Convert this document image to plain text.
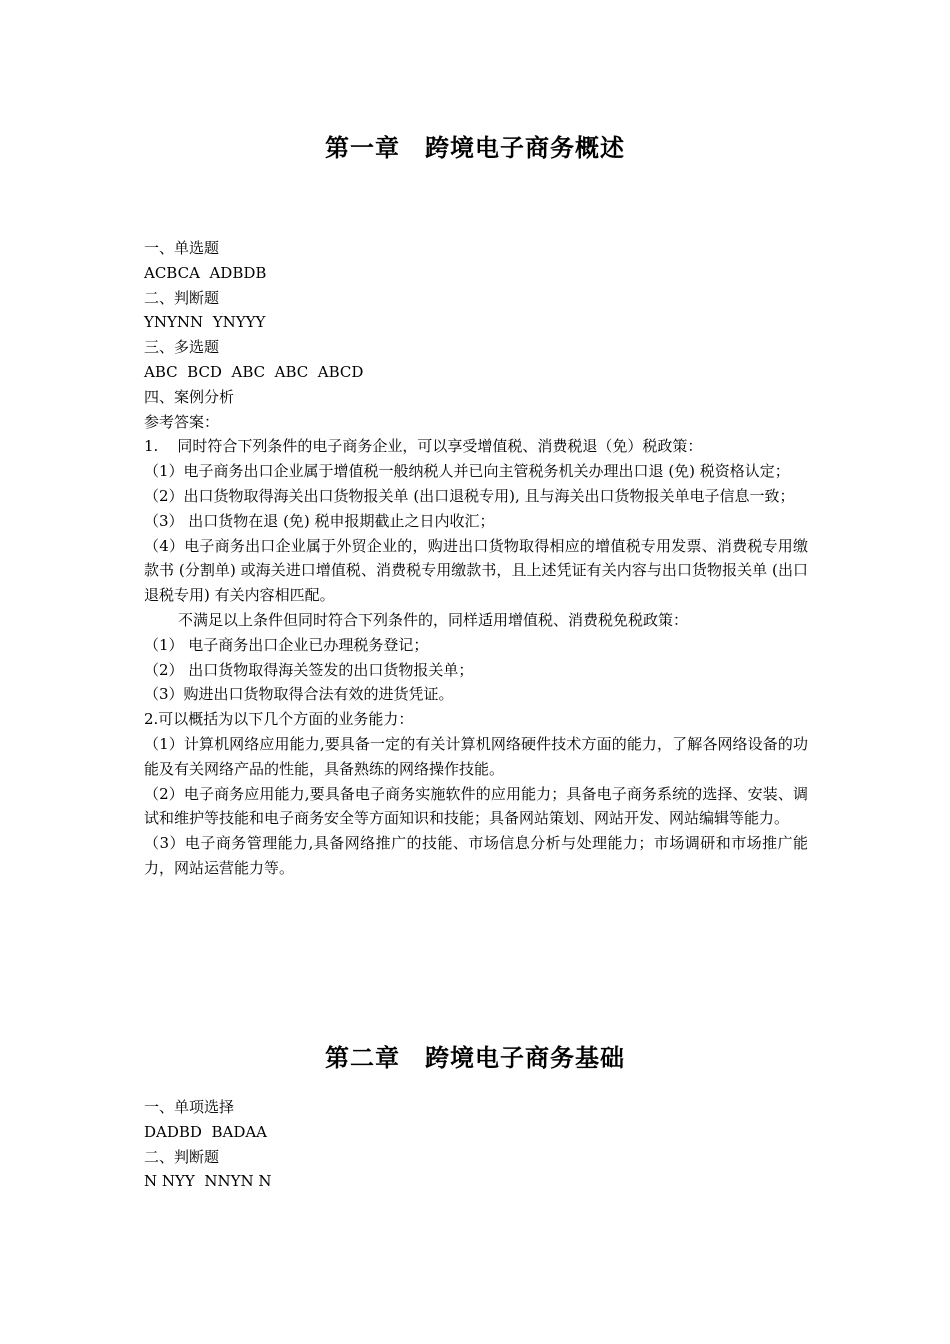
第一章　跨境电子商务概述

一、单选题

ACBCA  ADBDB

二、判断题

YNYNN  YNYYY

三、多选题

ABC  BCD  ABC  ABC  ABCD

四、案例分析

参考答案：

1.    同时符合下列条件的电子商务企业，可以享受增值税、消费税退（免）税政策：

（1）电子商务出口企业属于增值税一般纳税人并已向主管税务机关办理出口退 (免) 税资格认定；

（2）出口货物取得海关出口货物报关单 (出口退税专用), 且与海关出口货物报关单电子信息一致；

（3） 出口货物在退 (免) 税申报期截止之日内收汇；

（4）电子商务出口企业属于外贸企业的，购进出口货物取得相应的增值税专用发票、消费税专用缴款书 (分割单) 或海关进口增值税、消费税专用缴款书，且上述凭证有关内容与出口货物报关单 (出口退税专用) 有关内容相匹配。

不满足以上条件但同时符合下列条件的，同样适用增值税、消费税免税政策：

（1） 电子商务出口企业已办理税务登记；

（2） 出口货物取得海关签发的出口货物报关单；

（3）购进出口货物取得合法有效的进货凭证。

2.可以概括为以下几个方面的业务能力：

（1）计算机网络应用能力,要具备一定的有关计算机网络硬件技术方面的能力，了解各网络设备的功能及有关网络产品的性能，具备熟练的网络操作技能。

（2）电子商务应用能力,要具备电子商务实施软件的应用能力；具备电子商务系统的选择、安装、调试和维护等技能和电子商务安全等方面知识和技能；具备网站策划、网站开发、网站编辑等能力。

（3）电子商务管理能力,具备网络推广的技能、市场信息分析与处理能力；市场调研和市场推广能力，网站运营能力等。

第二章　跨境电子商务基础

一、单项选择

DADBD  BADAA

二、判断题

N NYY  NNYN N
